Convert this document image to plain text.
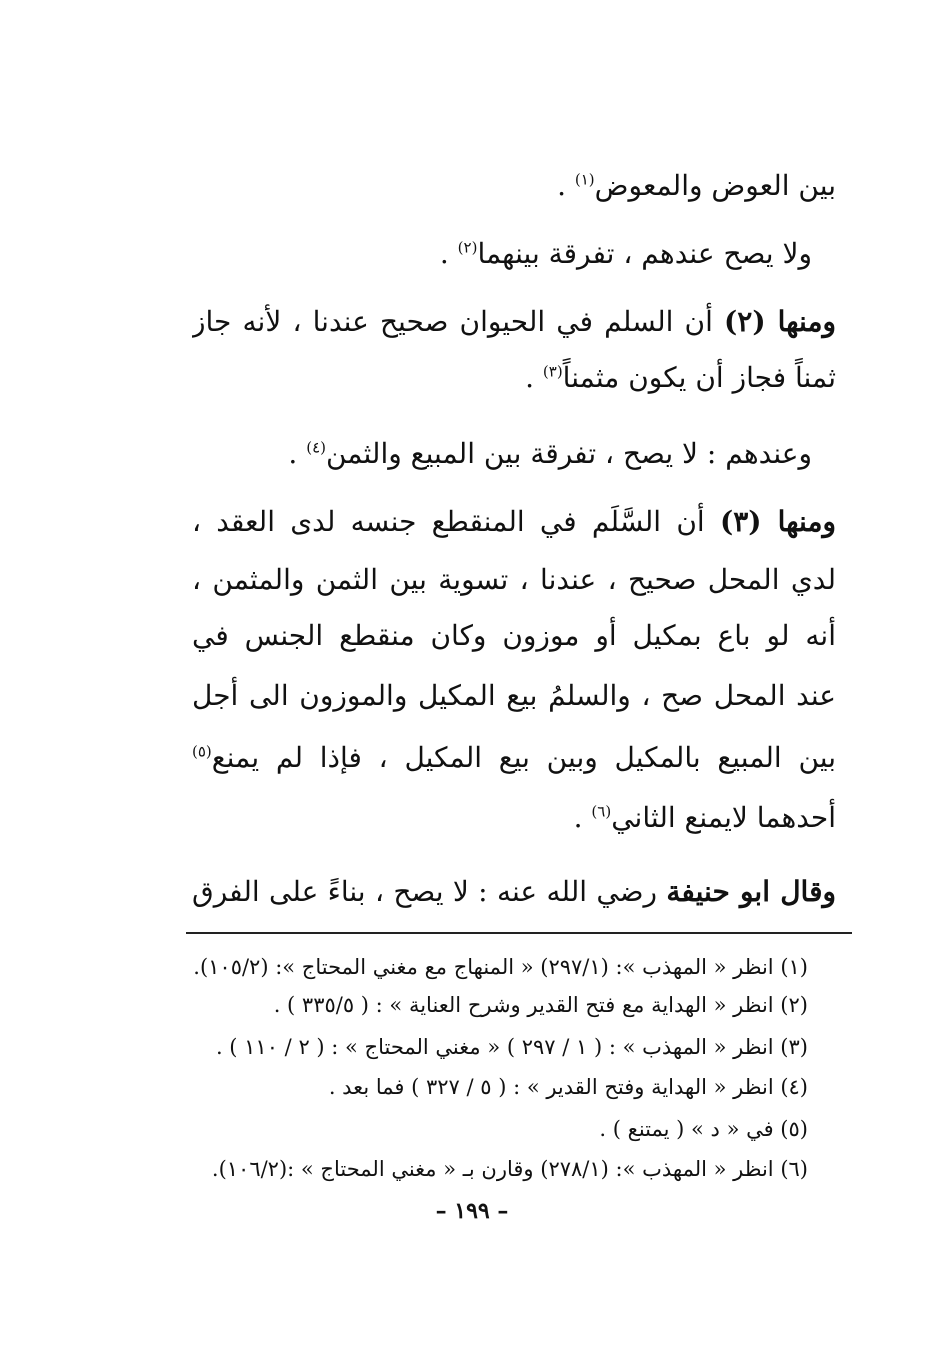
بين العوض والمعوض$^{(١)}$ .
ولا يصح عندهم ، تفرقة بينهما$^{(٢)}$ .
ومنها (٢) أن السلم في الحيوان صحيح عندنا ، لأنه جاز
ثمناً فجاز أن يكون مثمناً$^{(٣)}$ .
وعندهم : لا يصح ، تفرقة بين المبيع والثمن$^{(٤)}$ .
ومنها (٣) أن السَّلَم في المنقطع جنسه لدى العقد ،
لدي المحل صحيح ، عندنا ، تسوية بين الثمن والمثمن ،
أنه لو باع بمكيل أو موزون وكان منقطع الجنس في
عند المحل صح ، والسلمُ بيع المكيل والموزون الى أجل
بين المبيع بالمكيل وبين بيع المكيل ، فإذا لم يمنع$^{(٥)}$
أحدهما لايمنع الثاني$^{(٦)}$ .
وقال ابو حنيفة رضي الله عنه : لا يصح ، بناءً على الفرق
(١) انظر « المهذب »: (٢٩٧/١) « المنهاج مع مغني المحتاج »: (١٠٥/٢).
(٢) انظر « الهداية مع فتح القدير وشرح العناية » : ( ٣٣٥/٥ ) .
(٣) انظر « المهذب » : ( ١ / ٢٩٧ ) « مغني المحتاج » : ( ٢ / ١١٠ ) .
(٤) انظر « الهداية وفتح القدير » : ( ٥ / ٣٢٧ ) فما بعد .
(٥) في « د » ( يمتنع ) .
(٦) انظر « المهذب »: (٢٧٨/١) وقارن بـ « مغني المحتاج » :(١٠٦/٢).
– ١٩٩ –
